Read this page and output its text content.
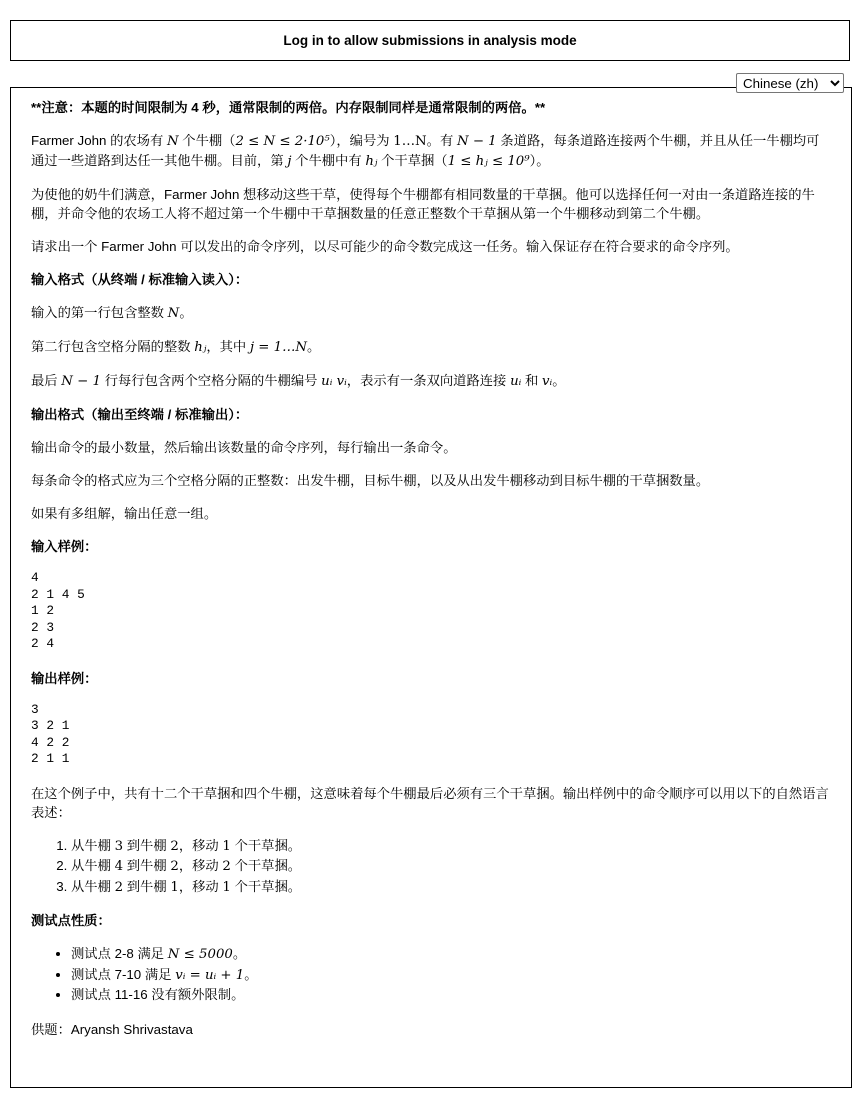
Log in to allow submissions in analysis mode

**注意：本题的时间限制为 4 秒，通常限制的两倍。内存限制同样是通常限制的两倍。**

Farmer John 的农场有 N 个牛棚（2 ≤ N ≤ 2·10⁵），编号为 1…N。有 N − 1 条道路，每条道路连接两个牛棚，并且从任一牛棚均可通过一些道路到达任一其他牛棚。目前，第 j 个牛棚中有 hⱼ 个干草捆（1 ≤ hⱼ ≤ 10⁹）。

为使他的奶牛们满意，Farmer John 想移动这些干草，使得每个牛棚都有相同数量的干草捆。他可以选择任何一对由一条道路连接的牛棚，并命令他的农场工人将不超过第一个牛棚中干草捆数量的任意正整数个干草捆从第一个牛棚移动到第二个牛棚。

请求出一个 Farmer John 可以发出的命令序列，以尽可能少的命令数完成这一任务。输入保证存在符合要求的命令序列。

输入格式（从终端 / 标准输入读入）：

输入的第一行包含整数 N。

第二行包含空格分隔的整数 hⱼ，其中 j = 1…N。

最后 N − 1 行每行包含两个空格分隔的牛棚编号 uᵢ vᵢ，表示有一条双向道路连接 uᵢ 和 vᵢ。

输出格式（输出至终端 / 标准输出）：

输出命令的最小数量，然后输出该数量的命令序列，每行输出一条命令。

每条命令的格式应为三个空格分隔的正整数：出发牛棚，目标牛棚，以及从出发牛棚移动到目标牛棚的干草捆数量。

如果有多组解，输出任意一组。

输入样例：

4
2 1 4 5
1 2
2 3
2 4

输出样例：

3
3 2 1
4 2 2
2 1 1

在这个例子中，共有十二个干草捆和四个牛棚，这意味着每个牛棚最后必须有三个干草捆。输出样例中的命令顺序可以用以下的自然语言表述：

1. 从牛棚 3 到牛棚 2，移动 1 个干草捆。
2. 从牛棚 4 到牛棚 2，移动 2 个干草捆。
3. 从牛棚 2 到牛棚 1，移动 1 个干草捆。

测试点性质：

• 测试点 2-8 满足 N ≤ 5000。
• 测试点 7-10 满足 vᵢ = uᵢ + 1。
• 测试点 11-16 没有额外限制。

供题：Aryansh Shrivastava

Chinese (zh)
